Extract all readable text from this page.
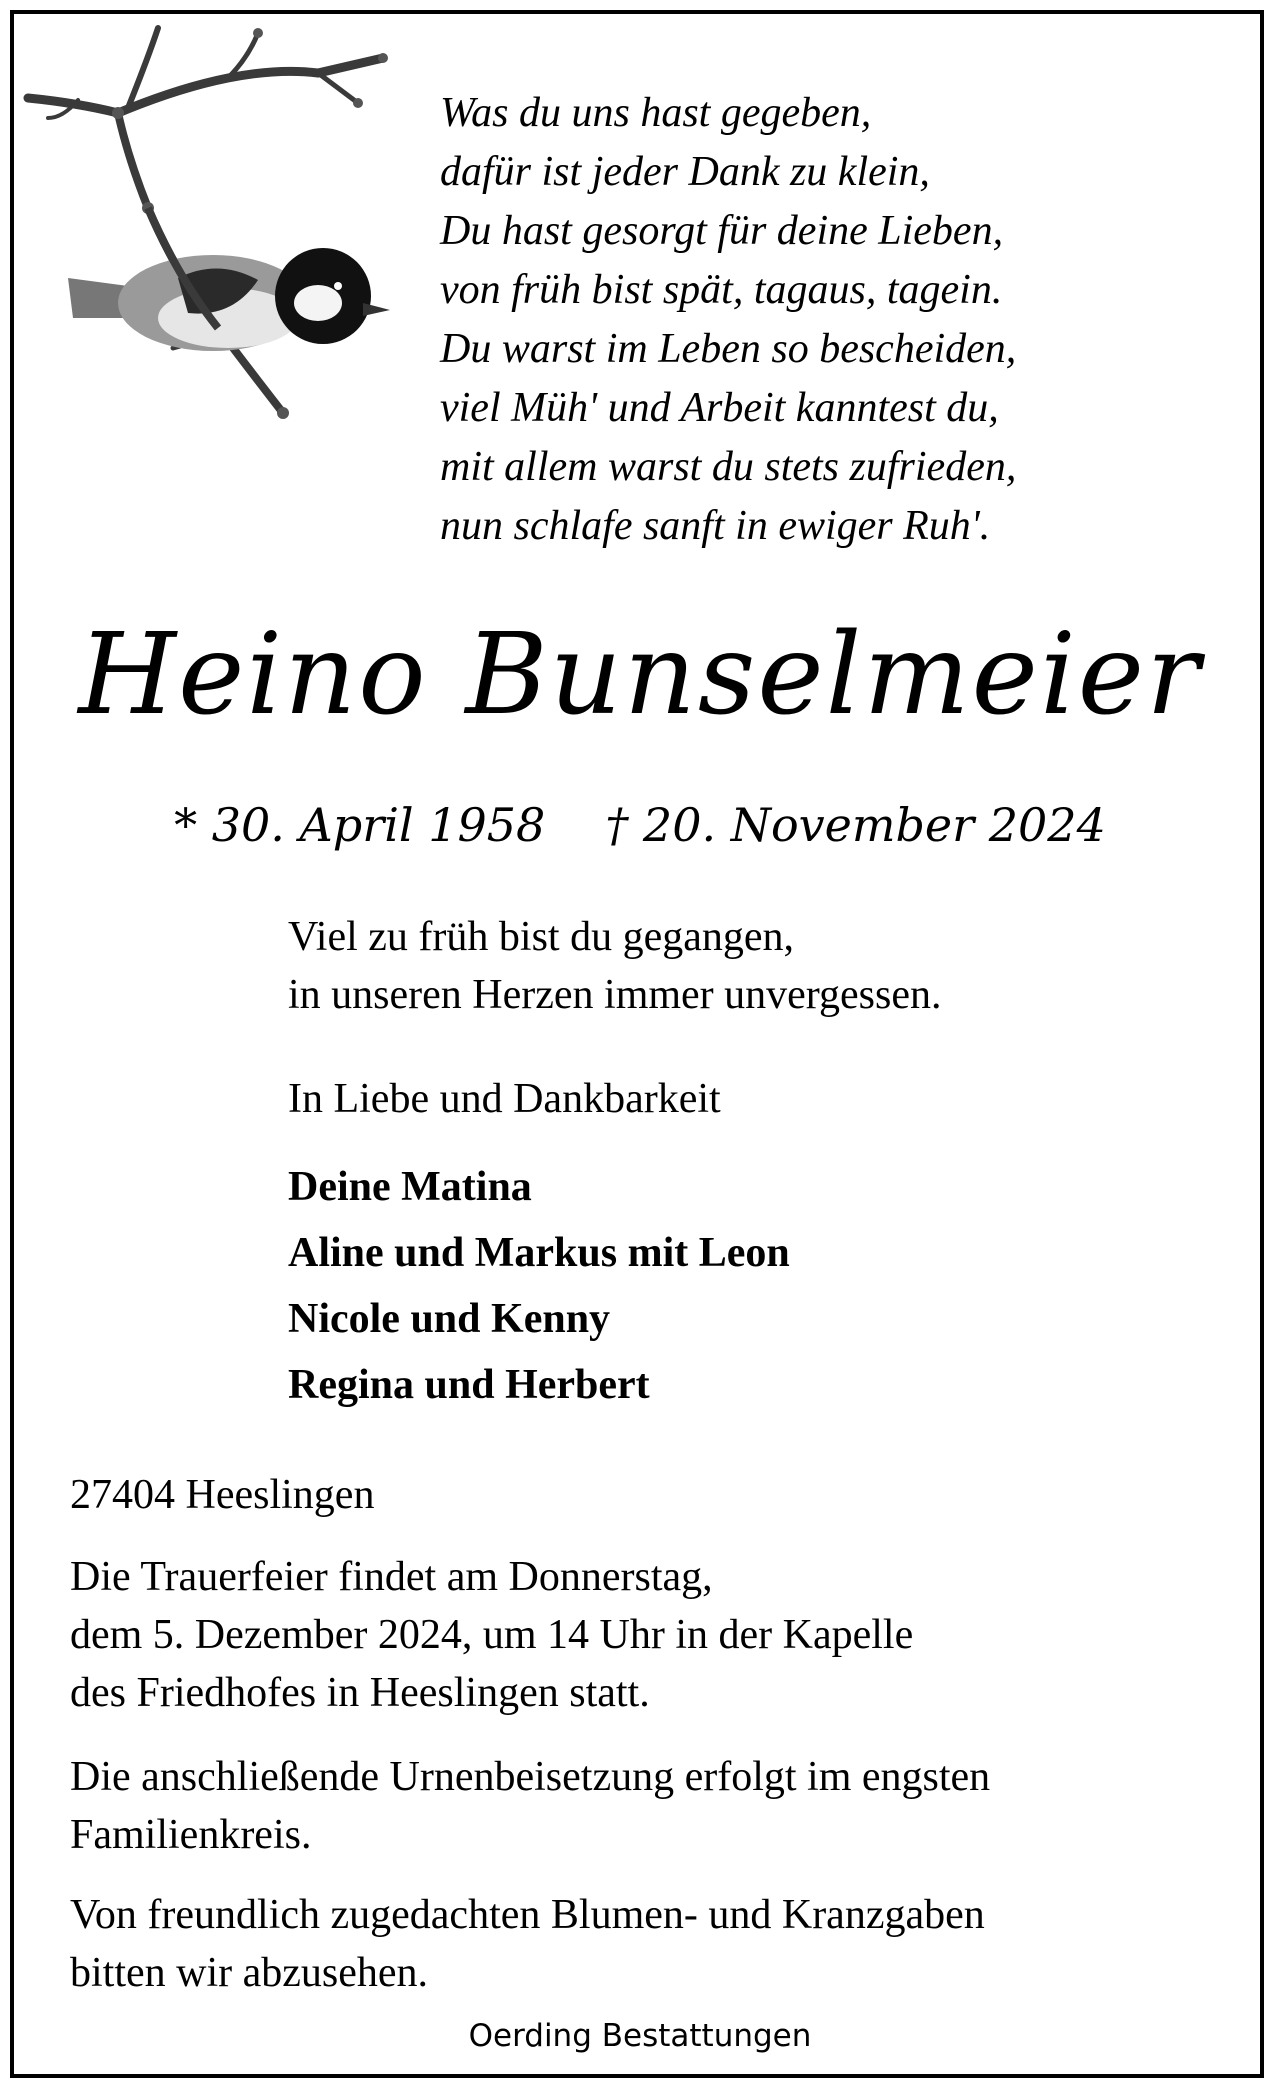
Was du uns hast gegeben,
dafür ist jeder Dank zu klein,
Du hast gesorgt für deine Lieben,
von früh bist spät, tagaus, tagein.
Du warst im Leben so bescheiden,
viel Müh' und Arbeit kanntest du,
mit allem warst du stets zufrieden,
nun schlafe sanft in ewiger Ruh'.
Heino Bunselmeier
* 30. April 1958 † 20. November 2024
Viel zu früh bist du gegangen,
in unseren Herzen immer unvergessen.
In Liebe und Dankbarkeit
Deine Matina
Aline und Markus mit Leon
Nicole und Kenny
Regina und Herbert
27404 Heeslingen
Die Trauerfeier findet am Donnerstag,
dem 5. Dezember 2024, um 14 Uhr in der Kapelle
des Friedhofes in Heeslingen statt.
Die anschließende Urnenbeisetzung erfolgt im engsten
Familienkreis.
Von freundlich zugedachten Blumen- und Kranzgaben
bitten wir abzusehen.
Oerding Bestattungen
